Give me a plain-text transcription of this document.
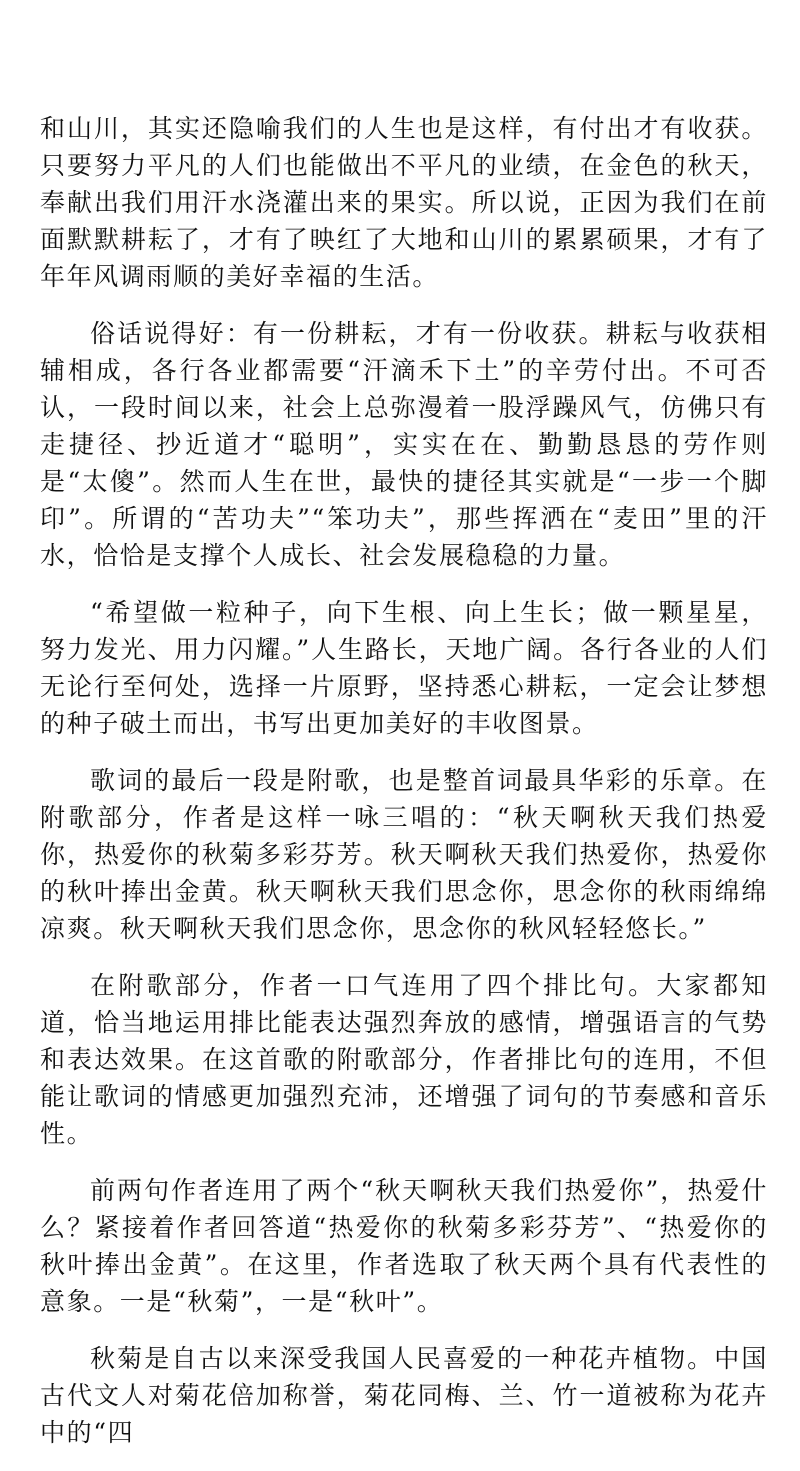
和山川，其实还隐喻我们的人生也是这样，有付出才有收获。只要努力平凡的人们也能做出不平凡的业绩，在金色的秋天，奉献出我们用汗水浇灌出来的果实。所以说，正因为我们在前面默默耕耘了，才有了映红了大地和山川的累累硕果，才有了年年风调雨顺的美好幸福的生活。

俗话说得好：有一份耕耘，才有一份收获。耕耘与收获相辅相成，各行各业都需要“汗滴禾下土”的辛劳付出。不可否认，一段时间以来，社会上总弥漫着一股浮躁风气，仿佛只有走捷径、抄近道才“聪明”，实实在在、勤勤恳恳的劳作则是“太傻”。然而人生在世，最快的捷径其实就是“一步一个脚印”。所谓的“苦功夫”“笨功夫”，那些挥洒在“麦田”里的汗水，恰恰是支撑个人成长、社会发展稳稳的力量。

“希望做一粒种子，向下生根、向上生长；做一颗星星，努力发光、用力闪耀。”人生路长，天地广阔。各行各业的人们无论行至何处，选择一片原野，坚持悉心耕耘，一定会让梦想的种子破土而出，书写出更加美好的丰收图景。

歌词的最后一段是附歌，也是整首词最具华彩的乐章。在附歌部分，作者是这样一咏三唱的：“秋天啊秋天我们热爱你，热爱你的秋菊多彩芬芳。秋天啊秋天我们热爱你，热爱你的秋叶捧出金黄。秋天啊秋天我们思念你，思念你的秋雨绵绵凉爽。秋天啊秋天我们思念你，思念你的秋风轻轻悠长。”

在附歌部分，作者一口气连用了四个排比句。大家都知道，恰当地运用排比能表达强烈奔放的感情，增强语言的气势和表达效果。在这首歌的附歌部分，作者排比句的连用，不但能让歌词的情感更加强烈充沛，还增强了词句的节奏感和音乐性。

前两句作者连用了两个“秋天啊秋天我们热爱你”，热爱什么？紧接着作者回答道“热爱你的秋菊多彩芬芳”、“热爱你的秋叶捧出金黄”。在这里，作者选取了秋天两个具有代表性的意象。一是“秋菊”，一是“秋叶”。

秋菊是自古以来深受我国人民喜爱的一种花卉植物。中国古代文人对菊花倍加称誉，菊花同梅、兰、竹一道被称为花卉中的“四
